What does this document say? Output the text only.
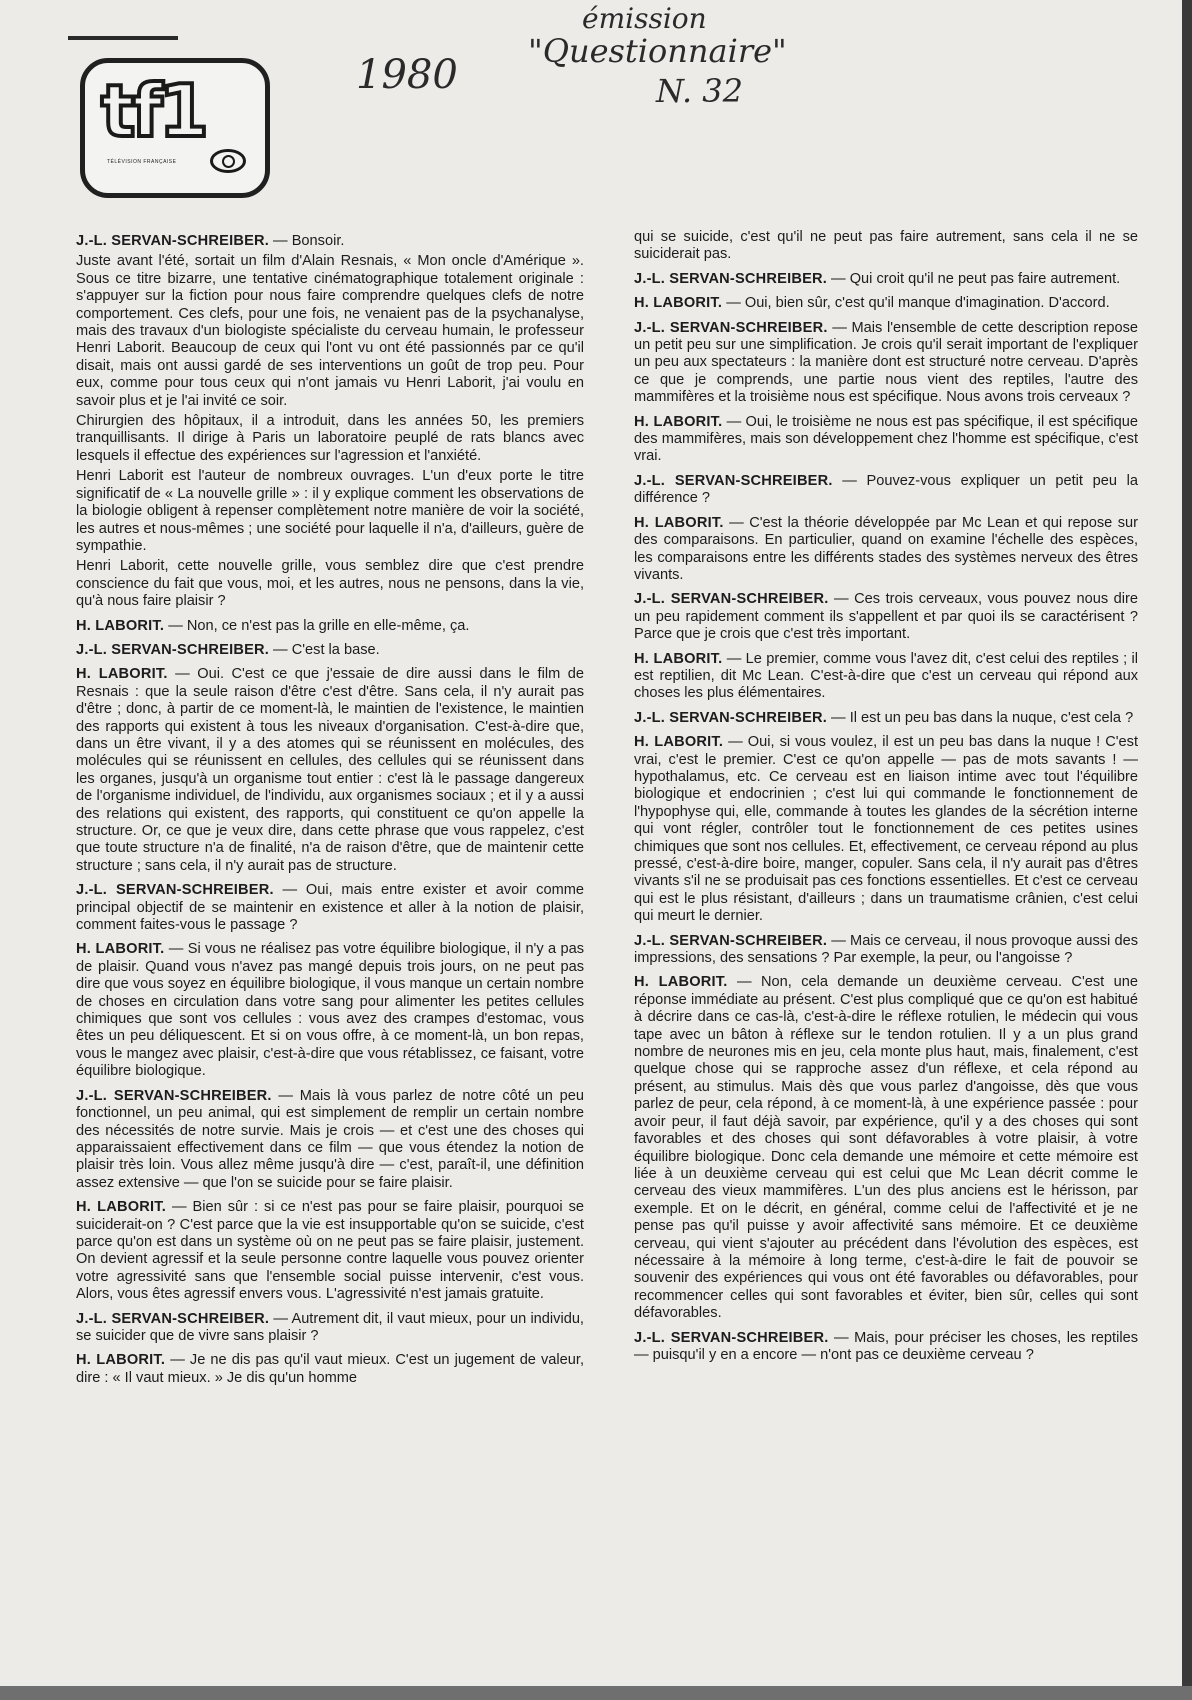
tf1
TÉLÉVISION FRANÇAISE
1980
émission
"Questionnaire"
N. 32

J.-L. SERVAN-SCHREIBER. — Bonsoir.

Juste avant l'été, sortait un film d'Alain Resnais, « Mon oncle d'Amérique ». Sous ce titre bizarre, une tentative cinématographique totalement originale : s'appuyer sur la fiction pour nous faire comprendre quelques clefs de notre comportement. Ces clefs, pour une fois, ne venaient pas de la psychanalyse, mais des travaux d'un biologiste spécialiste du cerveau humain, le professeur Henri Laborit. Beaucoup de ceux qui l'ont vu ont été passionnés par ce qu'il disait, mais ont aussi gardé de ses interventions un goût de trop peu. Pour eux, comme pour tous ceux qui n'ont jamais vu Henri Laborit, j'ai voulu en savoir plus et je l'ai invité ce soir.

Chirurgien des hôpitaux, il a introduit, dans les années 50, les premiers tranquillisants. Il dirige à Paris un laboratoire peuplé de rats blancs avec lesquels il effectue des expériences sur l'agression et l'anxiété.

Henri Laborit est l'auteur de nombreux ouvrages. L'un d'eux porte le titre significatif de « La nouvelle grille » : il y explique comment les observations de la biologie obligent à repenser complètement notre manière de voir la société, les autres et nous-mêmes ; une société pour laquelle il n'a, d'ailleurs, guère de sympathie.

Henri Laborit, cette nouvelle grille, vous semblez dire que c'est prendre conscience du fait que vous, moi, et les autres, nous ne pensons, dans la vie, qu'à nous faire plaisir ?

H. LABORIT. — Non, ce n'est pas la grille en elle-même, ça.

J.-L. SERVAN-SCHREIBER. — C'est la base.

H. LABORIT. — Oui. C'est ce que j'essaie de dire aussi dans le film de Resnais : que la seule raison d'être c'est d'être. Sans cela, il n'y aurait pas d'être ; donc, à partir de ce moment-là, le maintien de l'existence, le maintien des rapports qui existent à tous les niveaux d'organisation. C'est-à-dire que, dans un être vivant, il y a des atomes qui se réunissent en molécules, des molécules qui se réunissent en cellules, des cellules qui se réunissent dans les organes, jusqu'à un organisme tout entier : c'est là le passage dangereux de l'organisme individuel, de l'individu, aux organismes sociaux ; et il y a aussi des relations qui existent, des rapports, qui constituent ce qu'on appelle la structure. Or, ce que je veux dire, dans cette phrase que vous rappelez, c'est que toute structure n'a de finalité, n'a de raison d'être, que de maintenir cette structure ; sans cela, il n'y aurait pas de structure.

J.-L. SERVAN-SCHREIBER. — Oui, mais entre exister et avoir comme principal objectif de se maintenir en existence et aller à la notion de plaisir, comment faites-vous le passage ?

H. LABORIT. — Si vous ne réalisez pas votre équilibre biologique, il n'y a pas de plaisir. Quand vous n'avez pas mangé depuis trois jours, on ne peut pas dire que vous soyez en équilibre biologique, il vous manque un certain nombre de choses en circulation dans votre sang pour alimenter les petites cellules chimiques que sont vos cellules : vous avez des crampes d'estomac, vous êtes un peu déliquescent. Et si on vous offre, à ce moment-là, un bon repas, vous le mangez avec plaisir, c'est-à-dire que vous rétablissez, ce faisant, votre équilibre biologique.

J.-L. SERVAN-SCHREIBER. — Mais là vous parlez de notre côté un peu fonctionnel, un peu animal, qui est simplement de remplir un certain nombre des nécessités de notre survie. Mais je crois — et c'est une des choses qui apparaissaient effectivement dans ce film — que vous étendez la notion de plaisir très loin. Vous allez même jusqu'à dire — c'est, paraît-il, une définition assez extensive — que l'on se suicide pour se faire plaisir.

H. LABORIT. — Bien sûr : si ce n'est pas pour se faire plaisir, pourquoi se suiciderait-on ? C'est parce que la vie est insupportable qu'on se suicide, c'est parce qu'on est dans un système où on ne peut pas se faire plaisir, justement. On devient agressif et la seule personne contre laquelle vous pouvez orienter votre agressivité sans que l'ensemble social puisse intervenir, c'est vous. Alors, vous êtes agressif envers vous. L'agressivité n'est jamais gratuite.

J.-L. SERVAN-SCHREIBER. — Autrement dit, il vaut mieux, pour un individu, se suicider que de vivre sans plaisir ?

H. LABORIT. — Je ne dis pas qu'il vaut mieux. C'est un jugement de valeur, dire : « Il vaut mieux. » Je dis qu'un homme

qui se suicide, c'est qu'il ne peut pas faire autrement, sans cela il ne se suiciderait pas.

J.-L. SERVAN-SCHREIBER. — Qui croit qu'il ne peut pas faire autrement.

H. LABORIT. — Oui, bien sûr, c'est qu'il manque d'imagination. D'accord.

J.-L. SERVAN-SCHREIBER. — Mais l'ensemble de cette description repose un petit peu sur une simplification. Je crois qu'il serait important de l'expliquer un peu aux spectateurs : la manière dont est structuré notre cerveau. D'après ce que je comprends, une partie nous vient des reptiles, l'autre des mammifères et la troisième nous est spécifique. Nous avons trois cerveaux ?

H. LABORIT. — Oui, le troisième ne nous est pas spécifique, il est spécifique des mammifères, mais son développement chez l'homme est spécifique, c'est vrai.

J.-L. SERVAN-SCHREIBER. — Pouvez-vous expliquer un petit peu la différence ?

H. LABORIT. — C'est la théorie développée par Mc Lean et qui repose sur des comparaisons. En particulier, quand on examine l'échelle des espèces, les comparaisons entre les différents stades des systèmes nerveux des êtres vivants.

J.-L. SERVAN-SCHREIBER. — Ces trois cerveaux, vous pouvez nous dire un peu rapidement comment ils s'appellent et par quoi ils se caractérisent ? Parce que je crois que c'est très important.

H. LABORIT. — Le premier, comme vous l'avez dit, c'est celui des reptiles ; il est reptilien, dit Mc Lean. C'est-à-dire que c'est un cerveau qui répond aux choses les plus élémentaires.

J.-L. SERVAN-SCHREIBER. — Il est un peu bas dans la nuque, c'est cela ?

H. LABORIT. — Oui, si vous voulez, il est un peu bas dans la nuque ! C'est vrai, c'est le premier. C'est ce qu'on appelle — pas de mots savants ! — hypothalamus, etc. Ce cerveau est en liaison intime avec tout l'équilibre biologique et endocrinien ; c'est lui qui commande le fonctionnement de l'hypophyse qui, elle, commande à toutes les glandes de la sécrétion interne qui vont régler, contrôler tout le fonctionnement de ces petites usines chimiques que sont nos cellules. Et, effectivement, ce cerveau répond au plus pressé, c'est-à-dire boire, manger, copuler. Sans cela, il n'y aurait pas d'êtres vivants s'il ne se produisait pas ces fonctions essentielles. Et c'est ce cerveau qui est le plus résistant, d'ailleurs ; dans un traumatisme crânien, c'est celui qui meurt le dernier.

J.-L. SERVAN-SCHREIBER. — Mais ce cerveau, il nous provoque aussi des impressions, des sensations ? Par exemple, la peur, ou l'angoisse ?

H. LABORIT. — Non, cela demande un deuxième cerveau. C'est une réponse immédiate au présent. C'est plus compliqué que ce qu'on est habitué à décrire dans ce cas-là, c'est-à-dire le réflexe rotulien, le médecin qui vous tape avec un bâton à réflexe sur le tendon rotulien. Il y a un plus grand nombre de neurones mis en jeu, cela monte plus haut, mais, finalement, c'est quelque chose qui se rapproche assez d'un réflexe, et cela répond au présent, au stimulus. Mais dès que vous parlez d'angoisse, dès que vous parlez de peur, cela répond, à ce moment-là, à une expérience passée : pour avoir peur, il faut déjà savoir, par expérience, qu'il y a des choses qui sont favorables et des choses qui sont défavorables à votre plaisir, à votre équilibre biologique. Donc cela demande une mémoire et cette mémoire est liée à un deuxième cerveau qui est celui que Mc Lean décrit comme le cerveau des vieux mammifères. L'un des plus anciens est le hérisson, par exemple. Et on le décrit, en général, comme celui de l'affectivité et je ne pense pas qu'il puisse y avoir affectivité sans mémoire. Et ce deuxième cerveau, qui vient s'ajouter au précédent dans l'évolution des espèces, est nécessaire à la mémoire à long terme, c'est-à-dire le fait de pouvoir se souvenir des expériences qui vous ont été favorables ou défavorables, pour recommencer celles qui sont favorables et éviter, bien sûr, celles qui sont défavorables.

J.-L. SERVAN-SCHREIBER. — Mais, pour préciser les choses, les reptiles — puisqu'il y en a encore — n'ont pas ce deuxième cerveau ?
